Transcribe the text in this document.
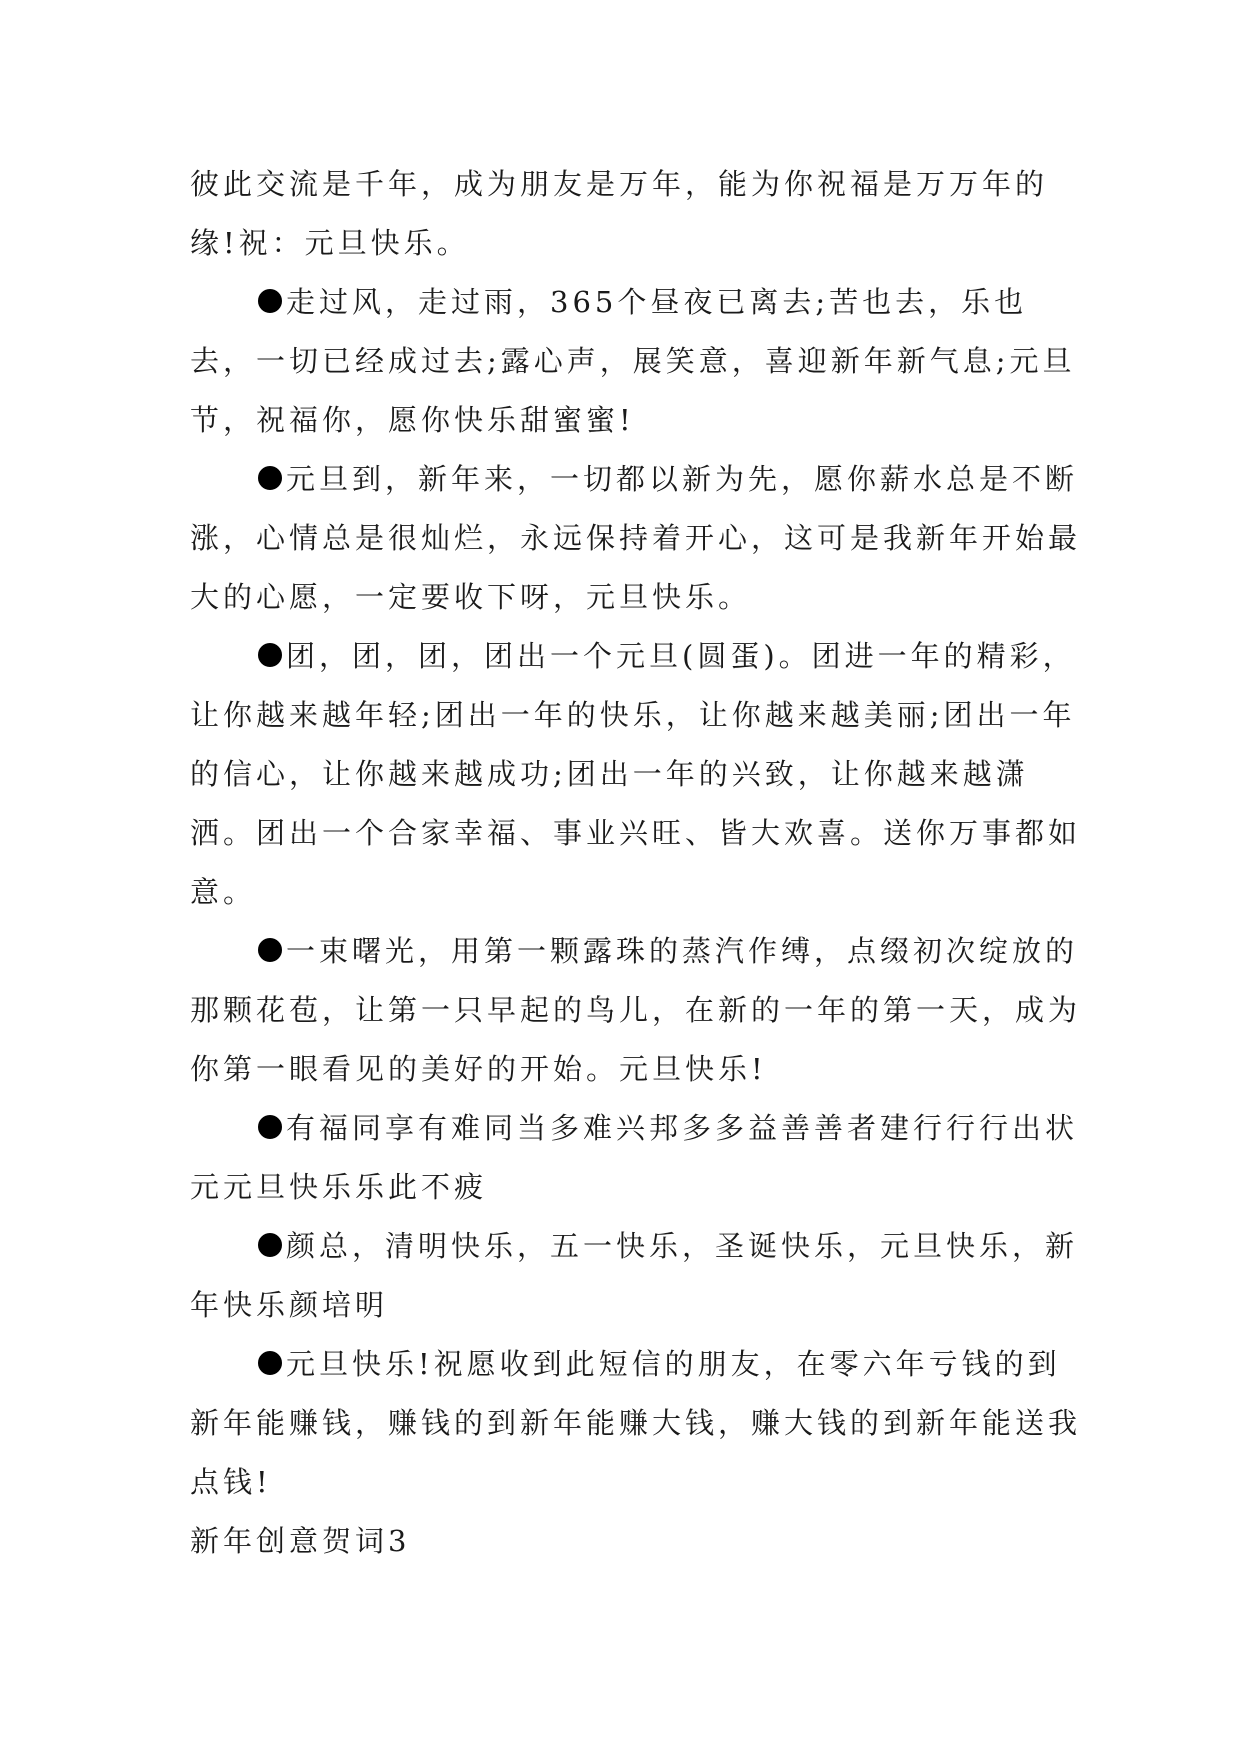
彼此交流是千年，成为朋友是万年，能为你祝福是万万年的缘!祝：元旦快乐。

走过风，走过雨，365个昼夜已离去;苦也去，乐也去，一切已经成过去;露心声，展笑意，喜迎新年新气息;元旦节，祝福你，愿你快乐甜蜜蜜!

元旦到，新年来，一切都以新为先，愿你薪水总是不断涨，心情总是很灿烂，永远保持着开心，这可是我新年开始最大的心愿，一定要收下呀，元旦快乐。

团，团，团，团出一个元旦(圆蛋)。团进一年的精彩，让你越来越年轻;团出一年的快乐，让你越来越美丽;团出一年的信心，让你越来越成功;团出一年的兴致，让你越来越潇洒。团出一个合家幸福、事业兴旺、皆大欢喜。送你万事都如意。

一束曙光，用第一颗露珠的蒸汽作缚，点缀初次绽放的那颗花苞，让第一只早起的鸟儿，在新的一年的第一天，成为你第一眼看见的美好的开始。元旦快乐!

有福同享有难同当多难兴邦多多益善善者建行行行出状元元旦快乐乐此不疲

颜总，清明快乐，五一快乐，圣诞快乐，元旦快乐，新年快乐颜培明

元旦快乐!祝愿收到此短信的朋友，在零六年亏钱的到新年能赚钱，赚钱的到新年能赚大钱，赚大钱的到新年能送我点钱!

新年创意贺词3
